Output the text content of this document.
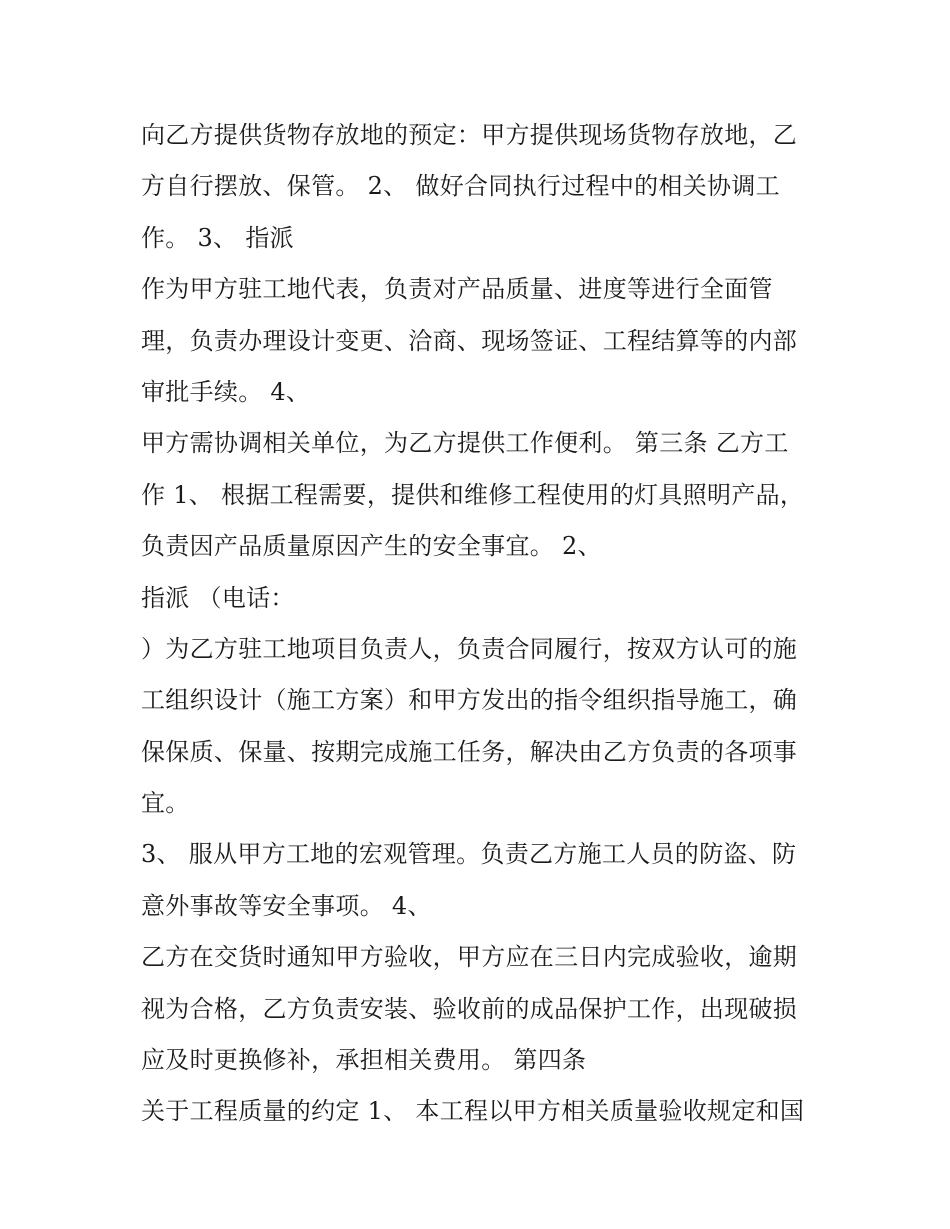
向乙方提供货物存放地的预定：甲方提供现场货物存放地，乙
方自行摆放、保管。 2、 做好合同执行过程中的相关协调工
作。 3、 指派
作为甲方驻工地代表，负责对产品质量、进度等进行全面管
理，负责办理设计变更、洽商、现场签证、工程结算等的内部
审批手续。 4、
甲方需协调相关单位，为乙方提供工作便利。 第三条 乙方工
作 1、 根据工程需要，提供和维修工程使用的灯具照明产品，
负责因产品质量原因产生的安全事宜。 2、
指派 （电话：
）为乙方驻工地项目负责人，负责合同履行，按双方认可的施
工组织设计（施工方案）和甲方发出的指令组织指导施工，确
保保质、保量、按期完成施工任务，解决由乙方负责的各项事
宜。
3、 服从甲方工地的宏观管理。负责乙方施工人员的防盗、防
意外事故等安全事项。 4、
乙方在交货时通知甲方验收，甲方应在三日内完成验收，逾期
视为合格，乙方负责安装、验收前的成品保护工作，出现破损
应及时更换修补，承担相关费用。 第四条
关于工程质量的约定 1、 本工程以甲方相关质量验收规定和国
